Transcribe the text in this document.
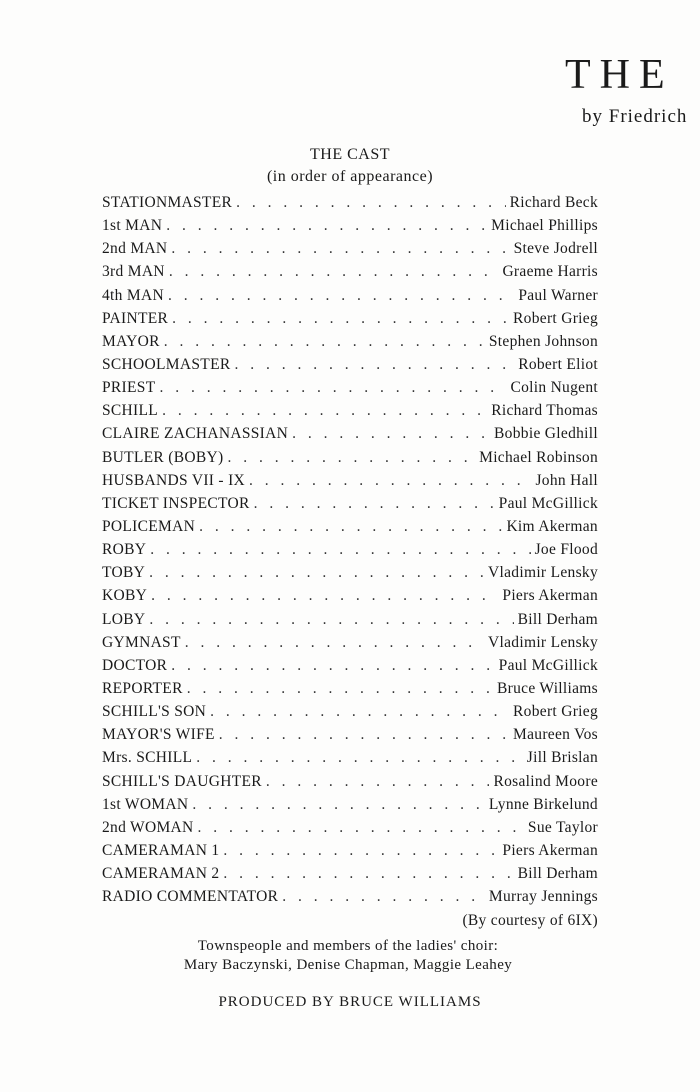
THE
by Friedrich
THE CAST
(in order of appearance)
STATIONMASTER . . .	Richard Beck
1st MAN . . .	Michael Phillips
2nd MAN . . .	Steve Jodrell
3rd MAN . . .	Graeme Harris
4th MAN . . .	Paul Warner
PAINTER . . .	Robert Grieg
MAYOR . . .	Stephen Johnson
SCHOOLMASTER . . .	Robert Eliot
PRIEST . . .	Colin Nugent
SCHILL . . .	Richard Thomas
CLAIRE ZACHANASSIAN . . .	Bobbie Gledhill
BUTLER (BOBY) . . .	Michael Robinson
HUSBANDS VII - IX . . .	John Hall
TICKET INSPECTOR . . .	Paul McGillick
POLICEMAN . . .	Kim Akerman
ROBY . . .	Joe Flood
TOBY . . .	Vladimir Lensky
KOBY . . .	Piers Akerman
LOBY . . .	Bill Derham
GYMNAST . . .	Vladimir Lensky
DOCTOR . . .	Paul McGillick
REPORTER . . .	Bruce Williams
SCHILL'S SON . . .	Robert Grieg
MAYOR'S WIFE . . .	Maureen Vos
Mrs. SCHILL . . .	Jill Brislan
SCHILL'S DAUGHTER . . .	Rosalind Moore
1st WOMAN . . .	Lynne Birkelund
2nd WOMAN . . .	Sue Taylor
CAMERAMAN 1 . . .	Piers Akerman
CAMERAMAN 2 . . .	Bill Derham
RADIO COMMENTATOR . . .	Murray Jennings
(By courtesy of 6IX)
Townspeople and members of the ladies' choir:
Mary Baczynski, Denise Chapman, Maggie Leahey
PRODUCED BY BRUCE WILLIAMS
